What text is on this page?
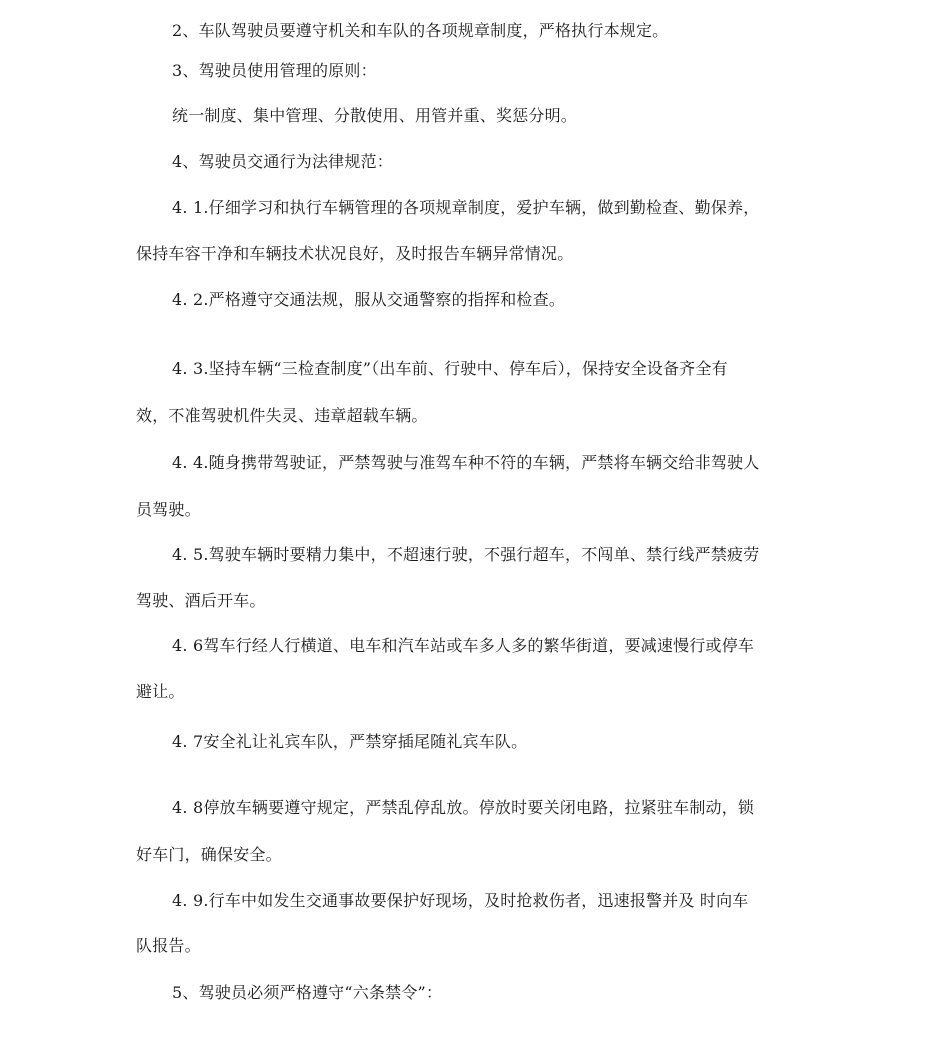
2、车队驾驶员要遵守机关和车队的各项规章制度，严格执行本规定。
3、驾驶员使用管理的原则：
统一制度、集中管理、分散使用、用管并重、奖惩分明。
4、驾驶员交通行为法律规范：
4. 1.仔细学习和执行车辆管理的各项规章制度，爱护车辆，做到勤检查、勤保养，
保持车容干净和车辆技术状况良好，及时报告车辆异常情况。
4. 2.严格遵守交通法规，服从交通警察的指挥和检查。
4. 3.坚持车辆“三检查制度”（出车前、行驶中、停车后），保持安全设备齐全有
效，不准驾驶机件失灵、违章超载车辆。
4. 4.随身携带驾驶证，严禁驾驶与准驾车种不符的车辆，严禁将车辆交给非驾驶人
员驾驶。
4. 5.驾驶车辆时要精力集中，不超速行驶，不强行超车，不闯单、禁行线严禁疲劳
驾驶、酒后开车。
4. 6驾车行经人行横道、电车和汽车站或车多人多的繁华街道，要减速慢行或停车
避让。
4. 7安全礼让礼宾车队，严禁穿插尾随礼宾车队。
4. 8停放车辆要遵守规定，严禁乱停乱放。停放时要关闭电路，拉紧驻车制动，锁
好车门，确保安全。
4. 9.行车中如发生交通事故要保护好现场，及时抢救伤者，迅速报警并及 时向车
队报告。
5、驾驶员必须严格遵守“六条禁令”：
